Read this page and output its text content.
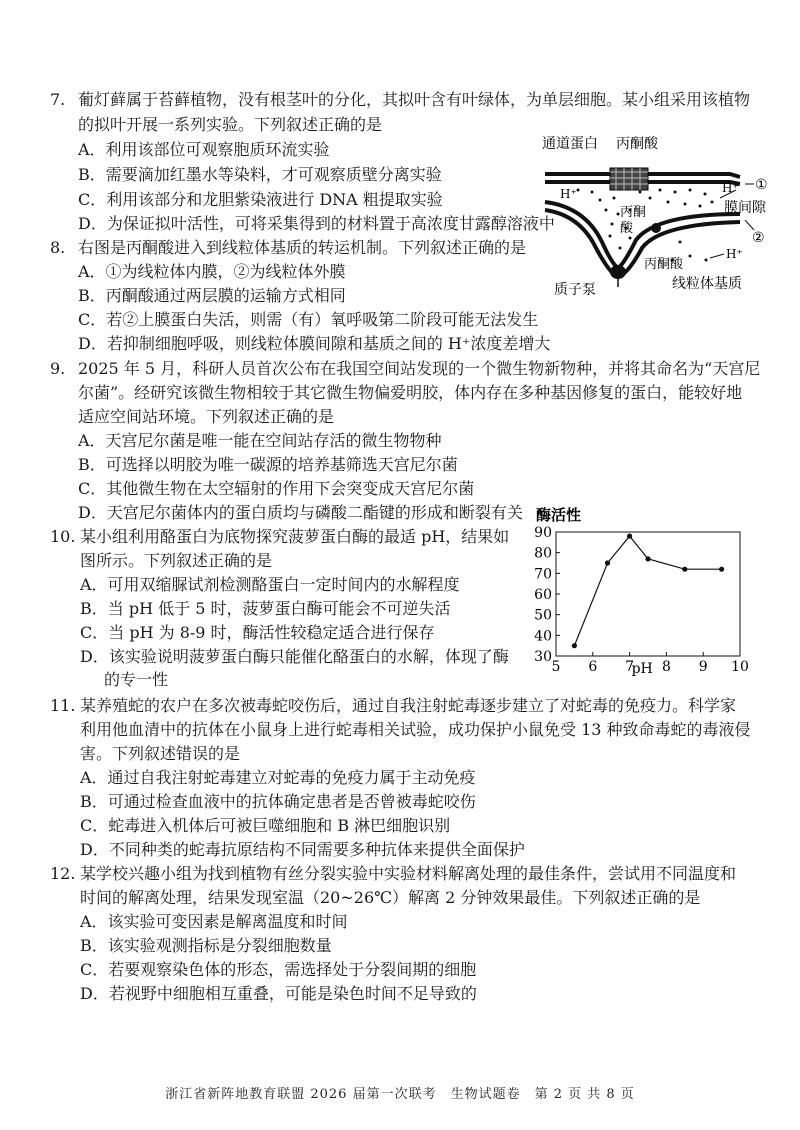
7. 葡灯藓属于苔藓植物，没有根茎叶的分化，其拟叶含有叶绿体，为单层细胞。某小组采用该植物
的拟叶开展一系列实验。下列叙述正确的是
A．利用该部位可观察胞质环流实验
B．需要滴加红墨水等染料，才可观察质壁分离实验
C．利用该部分和龙胆紫染液进行 DNA 粗提取实验
D．为保证拟叶活性，可将采集得到的材料置于高浓度甘露醇溶液中
8. 右图是丙酮酸进入到线粒体基质的转运机制。下列叙述正确的是
A．①为线粒体内膜，②为线粒体外膜
B．丙酮酸通过两层膜的运输方式相同
C．若②上膜蛋白失活，则需（有）氧呼吸第二阶段可能无法发生
D．若抑制细胞呼吸，则线粒体膜间隙和基质之间的 H⁺浓度差增大
通道蛋白 丙酮酸
H⁺	H⁺ ①
膜间隙
丙酮酸
②
丙酮酸
H⁺
质子泵	线粒体基质
9. 2025 年 5 月，科研人员首次公布在我国空间站发现的一个微生物新物种，并将其命名为“天宫尼
尔菌”。经研究该微生物相较于其它微生物偏爱明胶，体内存在多种基因修复的蛋白，能较好地
适应空间站环境。下列叙述正确的是
A．天宫尼尔菌是唯一能在空间站存活的微生物物种
B．可选择以明胶为唯一碳源的培养基筛选天宫尼尔菌
C．其他微生物在太空辐射的作用下会突变成天宫尼尔菌
D．天宫尼尔菌体内的蛋白质均与磷酸二酯键的形成和断裂有关
10. 某小组利用酪蛋白为底物探究菠萝蛋白酶的最适 pH，结果如
图所示。下列叙述正确的是
A．可用双缩脲试剂检测酪蛋白一定时间内的水解程度
B．当 pH 低于 5 时，菠萝蛋白酶可能会不可逆失活
C．当 pH 为 8-9 时，酶活性较稳定适合进行保存
D．该实验说明菠萝蛋白酶只能催化酪蛋白的水解，体现了酶
的专一性
酶活性
30
40
50
60
70
80
90
5 6 7 8 9 10
pH
11. 某养殖蛇的农户在多次被毒蛇咬伤后，通过自我注射蛇毒逐步建立了对蛇毒的免疫力。科学家
利用他血清中的抗体在小鼠身上进行蛇毒相关试验，成功保护小鼠免受 13 种致命毒蛇的毒液侵
害。下列叙述错误的是
A．通过自我注射蛇毒建立对蛇毒的免疫力属于主动免疫
B．可通过检查血液中的抗体确定患者是否曾被毒蛇咬伤
C．蛇毒进入机体后可被巨噬细胞和 B 淋巴细胞识别
D．不同种类的蛇毒抗原结构不同需要多种抗体来提供全面保护
12. 某学校兴趣小组为找到植物有丝分裂实验中实验材料解离处理的最佳条件，尝试用不同温度和
时间的解离处理，结果发现室温（20~26℃）解离 2 分钟效果最佳。下列叙述正确的是
A．该实验可变因素是解离温度和时间
B．该实验观测指标是分裂细胞数量
C．若要观察染色体的形态，需选择处于分裂间期的细胞
D．若视野中细胞相互重叠，可能是染色时间不足导致的
浙江省新阵地教育联盟 2026 届第一次联考　生物试题卷　第 2 页 共 8 页
